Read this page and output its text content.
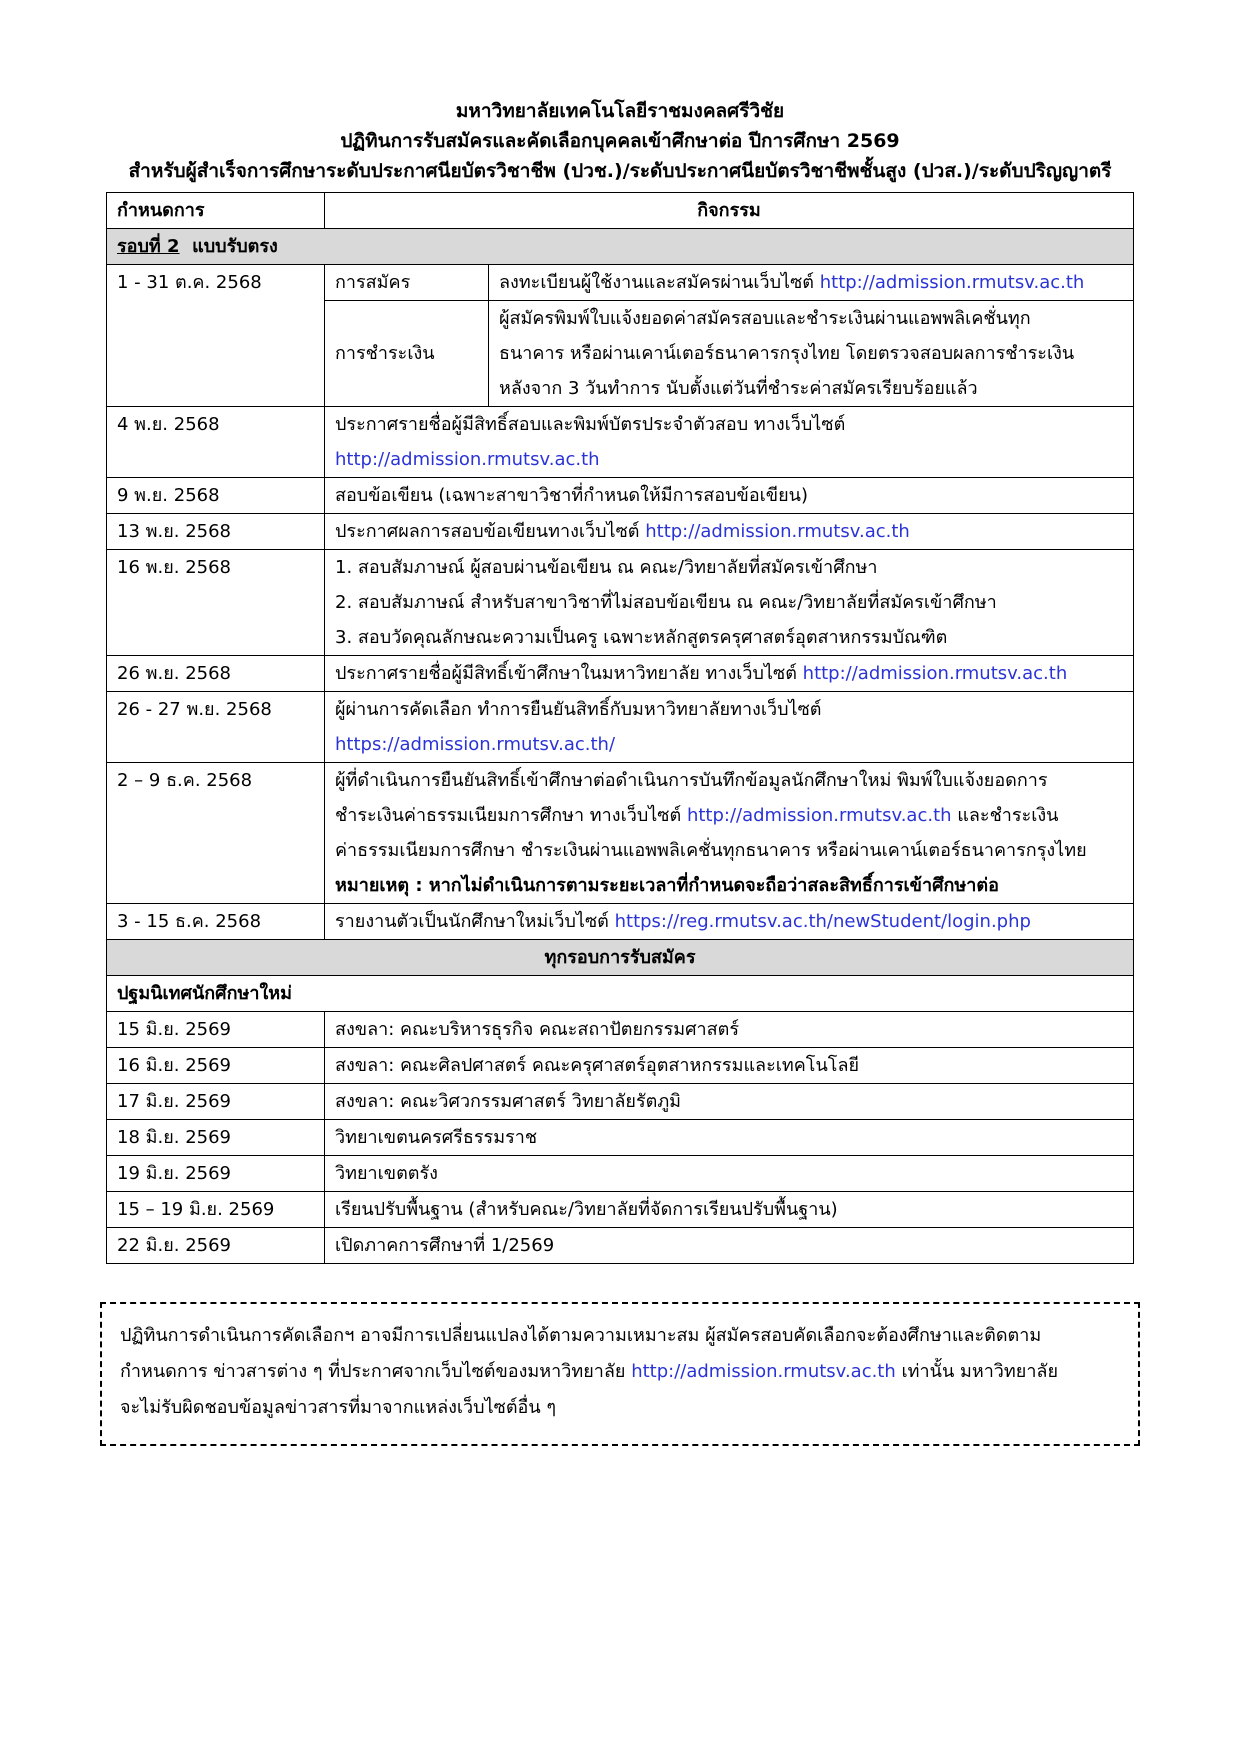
มหาวิทยาลัยเทคโนโลยีราชมงคลศรีวิชัย
ปฏิทินการรับสมัครและคัดเลือกบุคคลเข้าศึกษาต่อ ปีการศึกษา 2569
สำหรับผู้สำเร็จการศึกษาระดับประกาศนียบัตรวิชาชีพ (ปวช.)/ระดับประกาศนียบัตรวิชาชีพชั้นสูง (ปวส.)/ระดับปริญญาตรี
กำหนดการ	กิจกรรม	
รอบที่ 2 แบบรับตรง		
1 - 31 ต.ค. 2568	การสมัคร	ลงทะเบียนผู้ใช้งานและสมัครผ่านเว็บไซต์ http://admission.rmutsv.ac.th
	การชำระเงิน	ผู้สมัครพิมพ์ใบแจ้งยอดค่าสมัครสอบและชำระเงินผ่านแอพพลิเคชั่นทุก
ธนาคาร หรือผ่านเคาน์เตอร์ธนาคารกรุงไทย โดยตรวจสอบผลการชำระเงิน
หลังจาก 3 วันทำการ นับตั้งแต่วันที่ชำระค่าสมัครเรียบร้อยแล้ว

4 พ.ย. 2568	ประกาศรายชื่อผู้มีสิทธิ์สอบและพิมพ์บัตรประจำตัวสอบ ทางเว็บไซต์
http://admission.rmutsv.ac.th	

9 พ.ย. 2568	สอบข้อเขียน (เฉพาะสาขาวิชาที่กำหนดให้มีการสอบข้อเขียน)	
13 พ.ย. 2568	ประกาศผลการสอบข้อเขียนทางเว็บไซต์ http://admission.rmutsv.ac.th	
16 พ.ย. 2568	1. สอบสัมภาษณ์ ผู้สอบผ่านข้อเขียน ณ คณะ/วิทยาลัยที่สมัครเข้าศึกษา
2. สอบสัมภาษณ์ สำหรับสาขาวิชาที่ไม่สอบข้อเขียน ณ คณะ/วิทยาลัยที่สมัครเข้าศึกษา
3. สอบวัดคุณลักษณะความเป็นครู เฉพาะหลักสูตรครุศาสตร์อุตสาหกรรมบัณฑิต	

26 พ.ย. 2568	ประกาศรายชื่อผู้มีสิทธิ์เข้าศึกษาในมหาวิทยาลัย ทางเว็บไซต์ http://admission.rmutsv.ac.th	
26 - 27 พ.ย. 2568	ผู้ผ่านการคัดเลือก ทำการยืนยันสิทธิ์กับมหาวิทยาลัยทางเว็บไซต์
https://admission.rmutsv.ac.th/	

2 – 9 ธ.ค. 2568	ผู้ที่ดำเนินการยืนยันสิทธิ์เข้าศึกษาต่อดำเนินการบันทึกข้อมูลนักศึกษาใหม่ พิมพ์ใบแจ้งยอดการ
ชำระเงินค่าธรรมเนียมการศึกษา ทางเว็บไซต์ http://admission.rmutsv.ac.th และชำระเงิน
ค่าธรรมเนียมการศึกษา ชำระเงินผ่านแอพพลิเคชั่นทุกธนาคาร หรือผ่านเคาน์เตอร์ธนาคารกรุงไทย
หมายเหตุ : หากไม่ดำเนินการตามระยะเวลาที่กำหนดจะถือว่าสละสิทธิ์การเข้าศึกษาต่อ	

3 - 15 ธ.ค. 2568	รายงานตัวเป็นนักศึกษาใหม่เว็บไซต์ https://reg.rmutsv.ac.th/newStudent/login.php	
ทุกรอบการรับสมัคร		
ปฐมนิเทศนักศึกษาใหม่		
15 มิ.ย. 2569	สงขลา: คณะบริหารธุรกิจ คณะสถาปัตยกรรมศาสตร์	
16 มิ.ย. 2569	สงขลา: คณะศิลปศาสตร์ คณะครุศาสตร์อุตสาหกรรมและเทคโนโลยี	
17 มิ.ย. 2569	สงขลา: คณะวิศวกรรมศาสตร์ วิทยาลัยรัตภูมิ	
18 มิ.ย. 2569	วิทยาเขตนครศรีธรรมราช	
19 มิ.ย. 2569	วิทยาเขตตรัง	
15 – 19 มิ.ย. 2569	เรียนปรับพื้นฐาน (สำหรับคณะ/วิทยาลัยที่จัดการเรียนปรับพื้นฐาน)	
22 มิ.ย. 2569	เปิดภาคการศึกษาที่ 1/2569	
ปฏิทินการดำเนินการคัดเลือกฯ อาจมีการเปลี่ยนแปลงได้ตามความเหมาะสม ผู้สมัครสอบคัดเลือกจะต้องศึกษาและติดตาม
กำหนดการ ข่าวสารต่าง ๆ ที่ประกาศจากเว็บไซต์ของมหาวิทยาลัย http://admission.rmutsv.ac.th เท่านั้น มหาวิทยาลัย
จะไม่รับผิดชอบข้อมูลข่าวสารที่มาจากแหล่งเว็บไซต์อื่น ๆ
